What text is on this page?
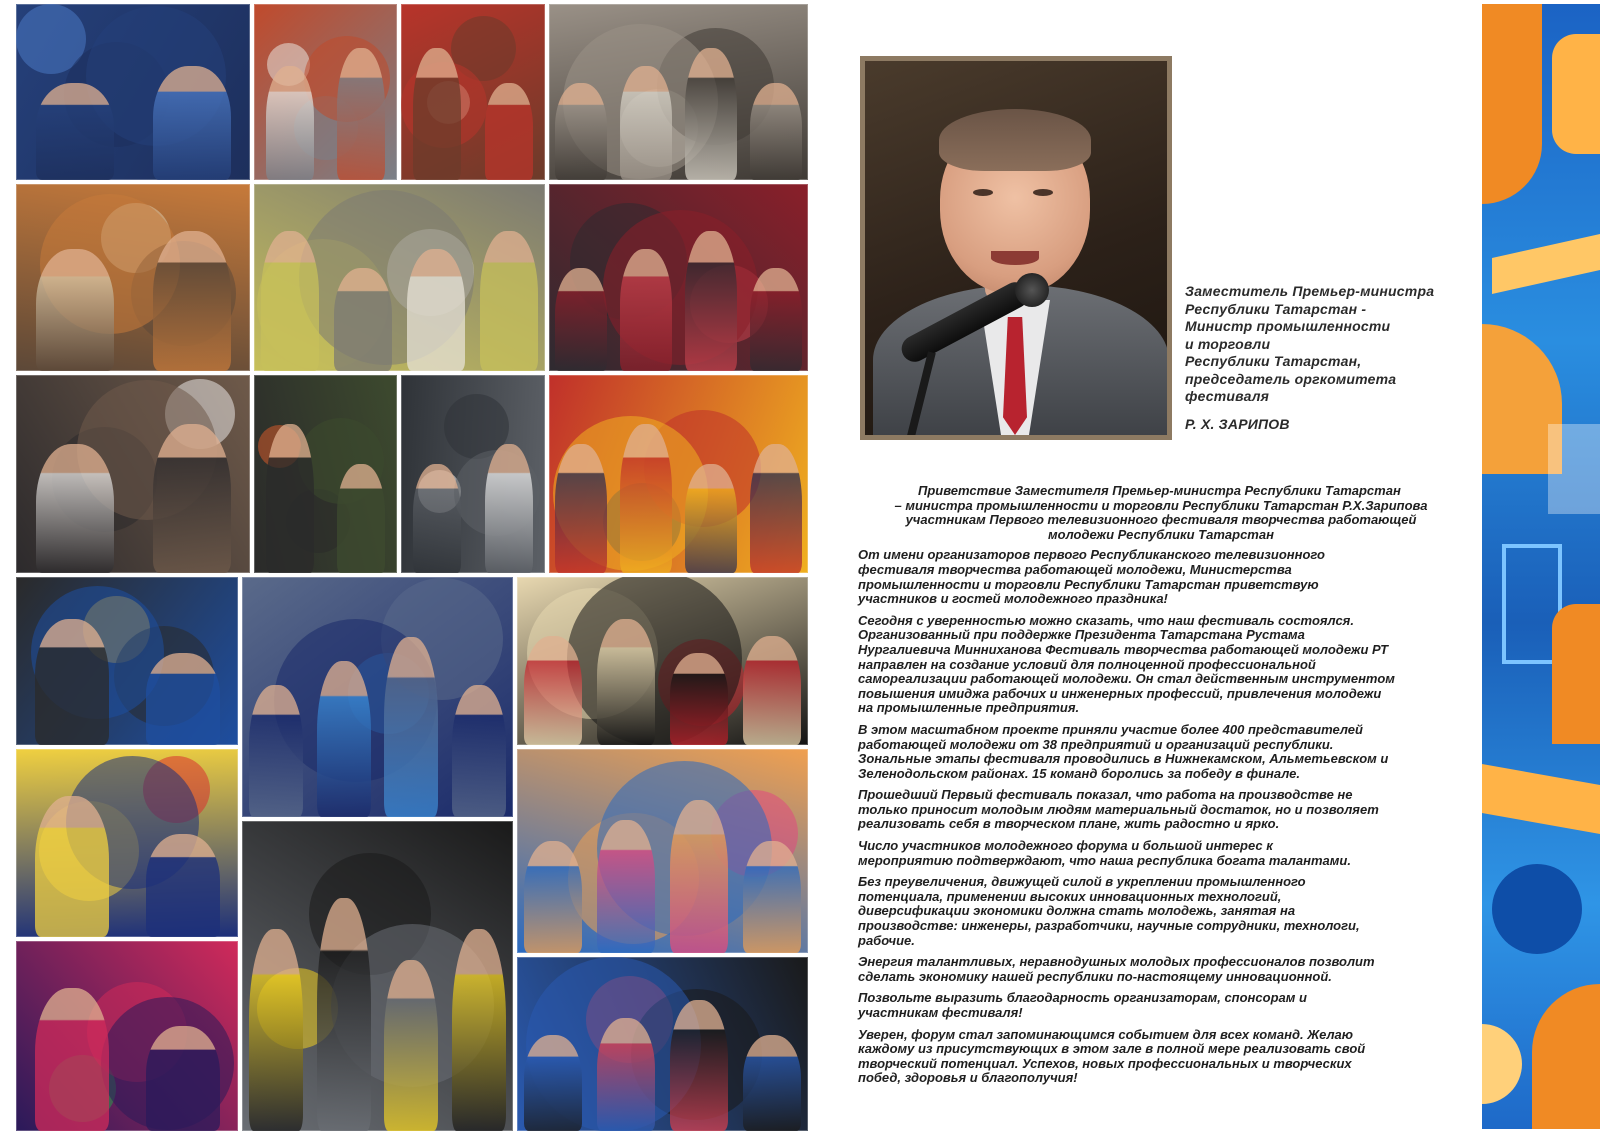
Заместитель Премьер-министра
Республики Татарстан -
Министр промышленности
и торговли
Республики Татарстан,
председатель оргкомитета
фестиваля
Р. Х. ЗАРИПОВ
Приветствие Заместителя Премьер-министра Республики Татарстан
– министра промышленности и торговли Республики Татарстан Р.Х.Зарипова
участникам Первого телевизионного фестиваля творчества работающей
молодежи Республики Татарстан
От имени организаторов первого Республиканского телевизионного
фестиваля творчества работающей молодежи, Министерства
промышленности и торговли Республики Татарстан приветствую
участников и гостей молодежного праздника!
Сегодня с уверенностью можно сказать, что наш фестиваль состоялся.
Организованный при поддержке Президента Татарстана Рустама
Нургалиевича Минниханова Фестиваль творчества работающей молодежи РТ
направлен на создание условий для полноценной профессиональной
самореализации работающей молодежи. Он стал действенным инструментом
повышения имиджа рабочих и инженерных профессий, привлечения молодежи
на промышленные предприятия.
В этом масштабном проекте приняли участие более 400 представителей
работающей молодежи от 38 предприятий и организаций республики.
Зональные этапы фестиваля проводились в Нижнекамском, Альметьевском и
Зеленодольском районах. 15 команд боролись за победу в финале.
Прошедший Первый фестиваль показал, что работа на производстве не
только приносит молодым людям материальный достаток, но и позволяет
реализовать себя в творческом плане, жить радостно и ярко.
Число участников молодежного форума и большой интерес к
мероприятию подтверждают, что наша республика богата талантами.
Без преувеличения, движущей силой в укреплении промышленного
потенциала, применении высоких инновационных технологий,
диверсификации экономики должна стать молодежь, занятая на
производстве: инженеры, разработчики, научные сотрудники, технологи,
рабочие.
Энергия талантливых, неравнодушных молодых профессионалов позволит
сделать экономику нашей республики по-настоящему инновационной.
Позвольте выразить благодарность организаторам, спонсорам и
участникам фестиваля!
Уверен, форум стал запоминающимся событием для всех команд. Желаю
каждому из присутствующих в этом зале в полной мере реализовать свой
творческий потенциал. Успехов, новых профессиональных и творческих
побед, здоровья и благополучия!
